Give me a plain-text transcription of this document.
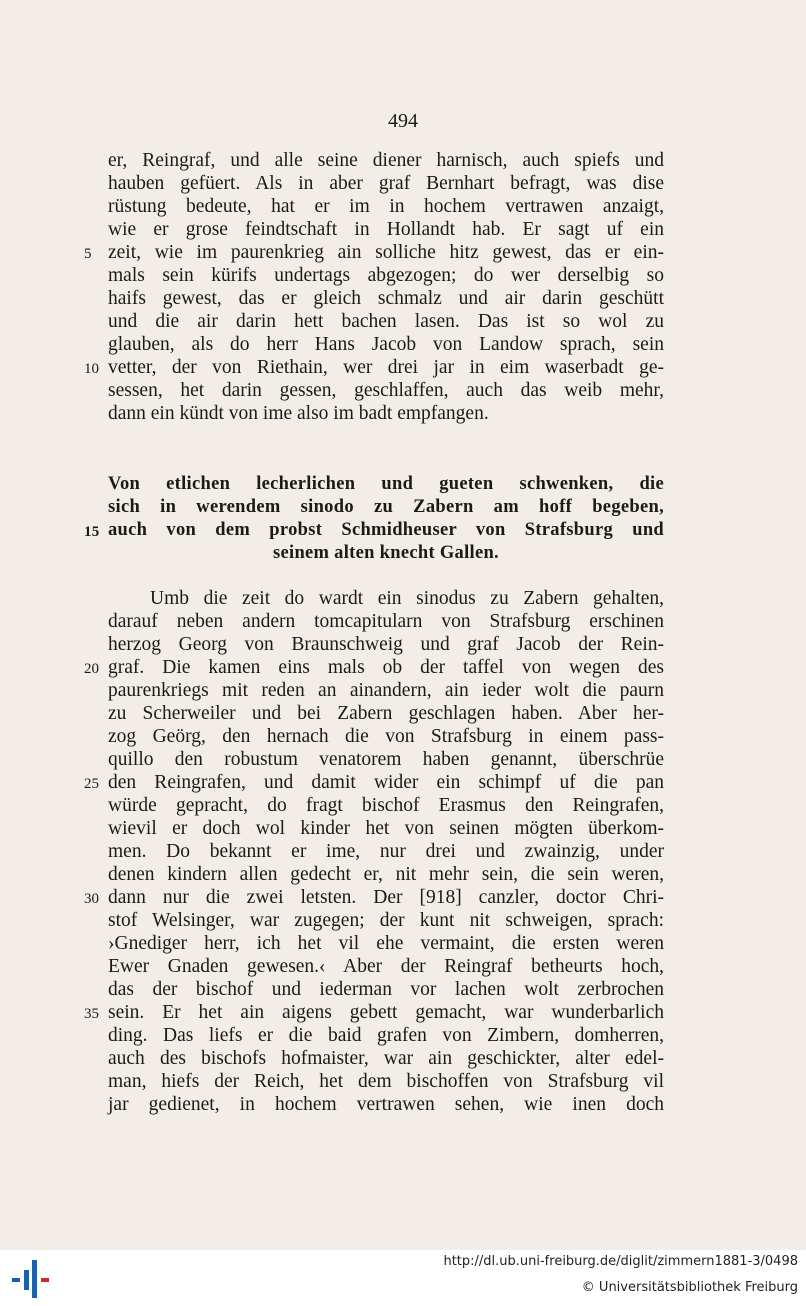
494
er, Reingraf, und alle seine diener harnisch, auch spiefs und
hauben gefüert. Als in aber graf Bernhart befragt, was dise
rüstung bedeute, hat er im in hochem vertrawen anzaigt,
wie er grose feindtschaft in Hollandt hab. Er sagt uf ein
zeit, wie im paurenkrieg ain solliche hitz gewest, das er ein-
5
mals sein kürifs undertags abgezogen; do wer derselbig so
haifs gewest, das er gleich schmalz und air darin geschütt
und die air darin hett bachen lasen. Das ist so wol zu
glauben, als do herr Hans Jacob von Landow sprach, sein
vetter, der von Riethain, wer drei jar in eim waserbadt ge-
10
sessen, het darin gessen, geschlaffen, auch das weib mehr,
dann ein kündt von ime also im badt empfangen.
Von etlichen lecherlichen und gueten schwenken, die
sich in werendem sinodo zu Zabern am hoff begeben,
auch von dem probst Schmidheuser von Strafsburg und
15
seinem alten knecht Gallen.
Umb die zeit do wardt ein sinodus zu Zabern gehalten,
darauf neben andern tomcapitularn von Strafsburg erschinen
herzog Georg von Braunschweig und graf Jacob der Rein-
graf. Die kamen eins mals ob der taffel von wegen des
20
paurenkriegs mit reden an ainandern, ain ieder wolt die paurn
zu Scherweiler und bei Zabern geschlagen haben. Aber her-
zog Geörg, den hernach die von Strafsburg in einem pass-
quillo den robustum venatorem haben genannt, überschrüe
den Reingrafen, und damit wider ein schimpf uf die pan
25
würde gepracht, do fragt bischof Erasmus den Reingrafen,
wievil er doch wol kinder het von seinen mögten überkom-
men. Do bekannt er ime, nur drei und zwainzig, under
denen kindern allen gedecht er, nit mehr sein, die sein weren,
dann nur die zwei letsten. Der [918] canzler, doctor Chri-
30
stof Welsinger, war zugegen; der kunt nit schweigen, sprach:
›Gnediger herr, ich het vil ehe vermaint, die ersten weren
Ewer Gnaden gewesen.‹ Aber der Reingraf betheurts hoch,
das der bischof und iederman vor lachen wolt zerbrochen
sein. Er het ain aigens gebett gemacht, war wunderbarlich
35
ding. Das liefs er die baid grafen von Zimbern, domherren,
auch des bischofs hofmaister, war ain geschickter, alter edel-
man, hiefs der Reich, het dem bischoffen von Strafsburg vil
jar gedienet, in hochem vertrawen sehen, wie inen doch
http://dl.ub.uni-freiburg.de/diglit/zimmern1881-3/0498
© Universitätsbibliothek Freiburg
